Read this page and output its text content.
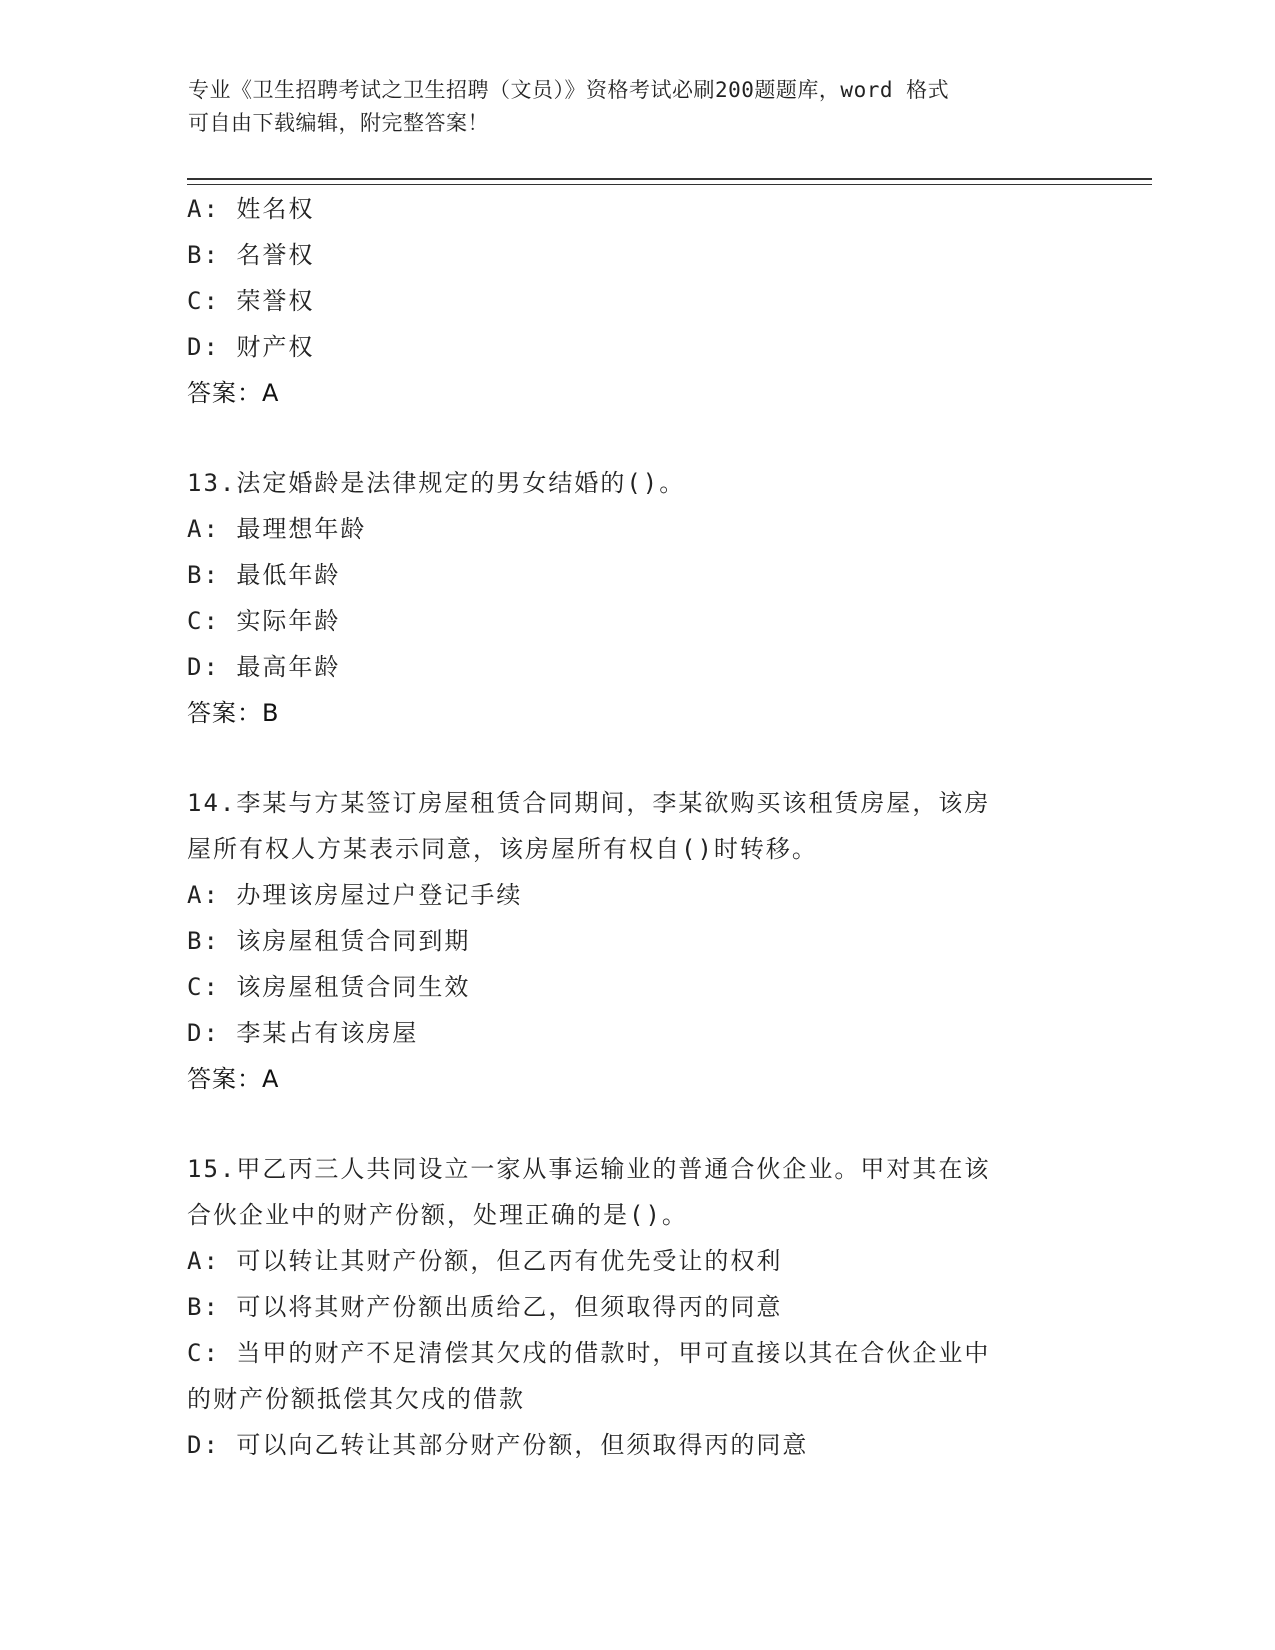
专业《卫生招聘考试之卫生招聘（文员）》资格考试必刷200题题库，word 格式
可自由下载编辑，附完整答案！
A: 姓名权
B: 名誉权
C: 荣誉权
D: 财产权
答案：A
13.法定婚龄是法律规定的男女结婚的()。
A: 最理想年龄
B: 最低年龄
C: 实际年龄
D: 最高年龄
答案：B
14.李某与方某签订房屋租赁合同期间，李某欲购买该租赁房屋，该房
屋所有权人方某表示同意，该房屋所有权自()时转移。
A: 办理该房屋过户登记手续
B: 该房屋租赁合同到期
C: 该房屋租赁合同生效
D: 李某占有该房屋
答案：A
15.甲乙丙三人共同设立一家从事运输业的普通合伙企业。甲对其在该
合伙企业中的财产份额，处理正确的是()。
A: 可以转让其财产份额，但乙丙有优先受让的权利
B: 可以将其财产份额出质给乙，但须取得丙的同意
C: 当甲的财产不足清偿其欠戌的借款时，甲可直接以其在合伙企业中
的财产份额抵偿其欠戌的借款
D: 可以向乙转让其部分财产份额，但须取得丙的同意
